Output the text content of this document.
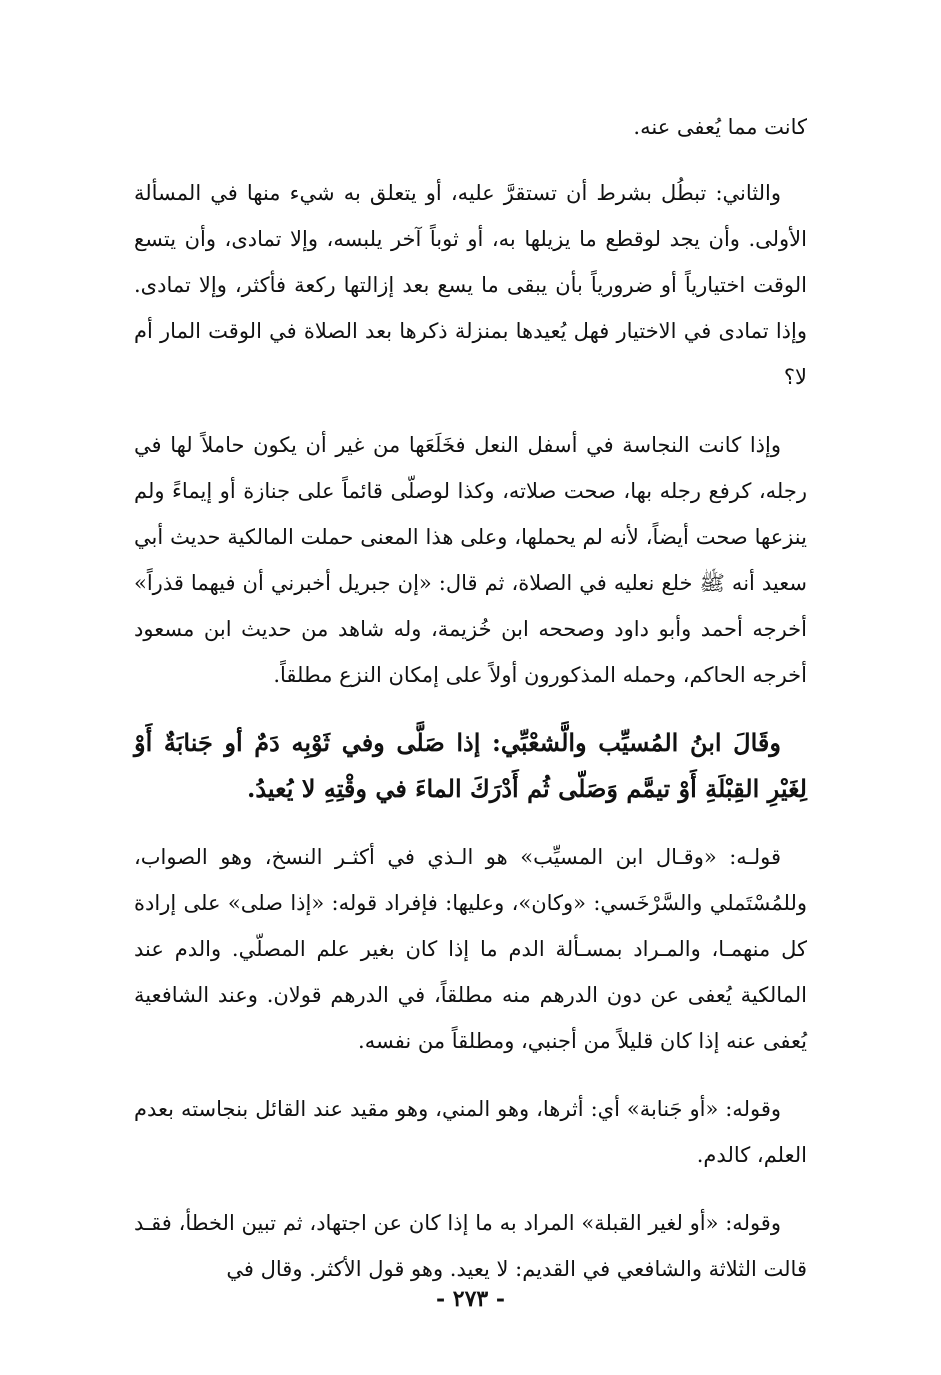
كانت مما يُعفى عنه.

والثاني: تبطُل بشرط أن تستقرَّ عليه، أو يتعلق به شيء منها في المسألة الأولى. وأن يجد لوقطع ما يزيلها به، أو ثوباً آخر يلبسه، وإلا تمادى، وأن يتسع الوقت اختيارياً أو ضرورياً بأن يبقى ما يسع بعد إزالتها ركعة فأكثر، وإلا تمادى. وإذا تمادى في الاختيار فهل يُعيدها بمنزلة ذكرها بعد الصلاة في الوقت المار أم لا؟

وإذا كانت النجاسة في أسفل النعل فخَلَعَها من غير أن يكون حاملاً لها في رجله، كرفع رجله بها، صحت صلاته، وكذا لوصلّى قائماً على جنازة أو إيماءً ولم ينزعها صحت أيضاً، لأنه لم يحملها، وعلى هذا المعنى حملت المالكية حديث أبي سعيد أنه ﷺ خلع نعليه في الصلاة، ثم قال: «إن جبريل أخبرني أن فيهما قذراً» أخرجه أحمد وأبو داود وصححه ابن خُزيمة، وله شاهد من حديث ابن مسعود أخرجه الحاكم، وحمله المذكورون أولاً على إمكان النزع مطلقاً.

وقَالَ ابنُ المُسيِّب والَّشعْبِّي: إذا صَلَّى وفي ثَوْبِه دَمٌ أو جَنابَةٌ أَوْ لِغَيْرِ القِبْلَةِ أَوْ تيمَّم وَصَلّى ثُم أَدْرَكَ الماءَ في وقْتِهِ لا يُعيدُ.

قولـه: «وقـال ابن المسيِّب» هو الـذي في أكثـر النسخ، وهو الصواب، وللمُسْتَملي والسَّرْخَسي: «وكان»، وعليها: فإفراد قوله: «إذا صلى» على إرادة كل منهمـا، والمـراد بمسـألة الدم ما إذا كان بغير علم المصلّي. والدم عند المالكية يُعفى عن دون الدرهم منه مطلقاً، في الدرهم قولان. وعند الشافعية يُعفى عنه إذا كان قليلاً من أجنبي، ومطلقاً من نفسه.

وقوله: «أو جَنابة» أي: أثرها، وهو المني، وهو مقيد عند القائل بنجاسته بعدم العلم، كالدم.

وقوله: «أو لغير القبلة» المراد به ما إذا كان عن اجتهاد، ثم تبين الخطأ، فقـد قالت الثلاثة والشافعي في القديم: لا يعيد. وهو قول الأكثر. وقال في

- ٢٧٣ -
